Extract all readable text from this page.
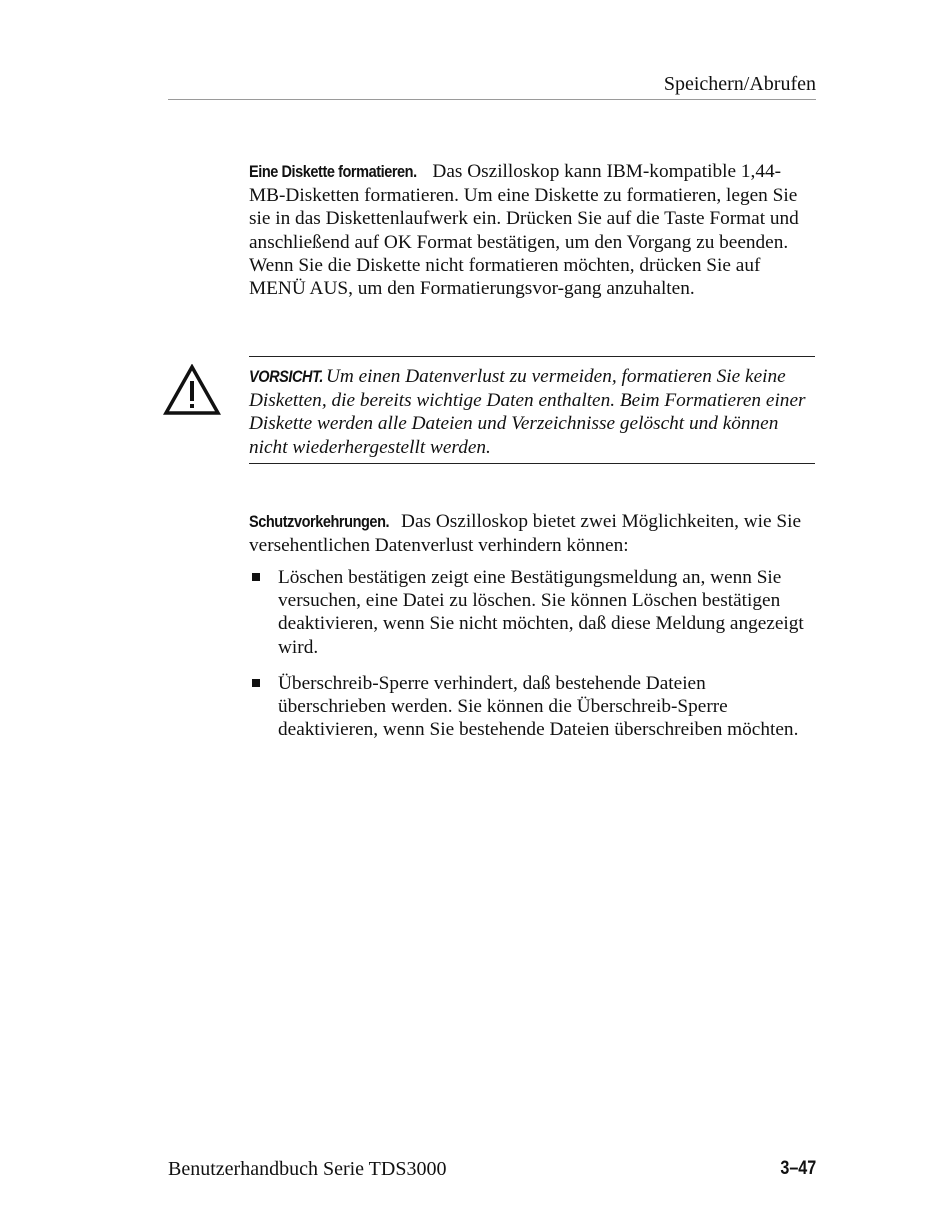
Speichern/Abrufen
Eine Diskette formatieren. Das Oszilloskop kann IBM-kompatible 1,44-MB-Disketten formatieren. Um eine Diskette zu formatieren, legen Sie sie in das Diskettenlaufwerk ein. Drücken Sie auf die Taste Format und anschließend auf OK Format bestätigen, um den Vorgang zu beenden. Wenn Sie die Diskette nicht formatieren möchten, drücken Sie auf MENÜ AUS, um den Formatierungsvor-gang anzuhalten.
VORSICHT. Um einen Datenverlust zu vermeiden, formatieren Sie keine Disketten, die bereits wichtige Daten enthalten. Beim Formatieren einer Diskette werden alle Dateien und Verzeichnisse gelöscht und können nicht wiederhergestellt werden.
Schutzvorkehrungen. Das Oszilloskop bietet zwei Möglichkeiten, wie Sie versehentlichen Datenverlust verhindern können:
Löschen bestätigen zeigt eine Bestätigungsmeldung an, wenn Sie versuchen, eine Datei zu löschen. Sie können Löschen bestätigen deaktivieren, wenn Sie nicht möchten, daß diese Meldung angezeigt wird.
Überschreib-Sperre verhindert, daß bestehende Dateien überschrieben werden. Sie können die Überschreib-Sperre deaktivieren, wenn Sie bestehende Dateien überschreiben möchten.
Benutzerhandbuch Serie TDS3000	3–47
